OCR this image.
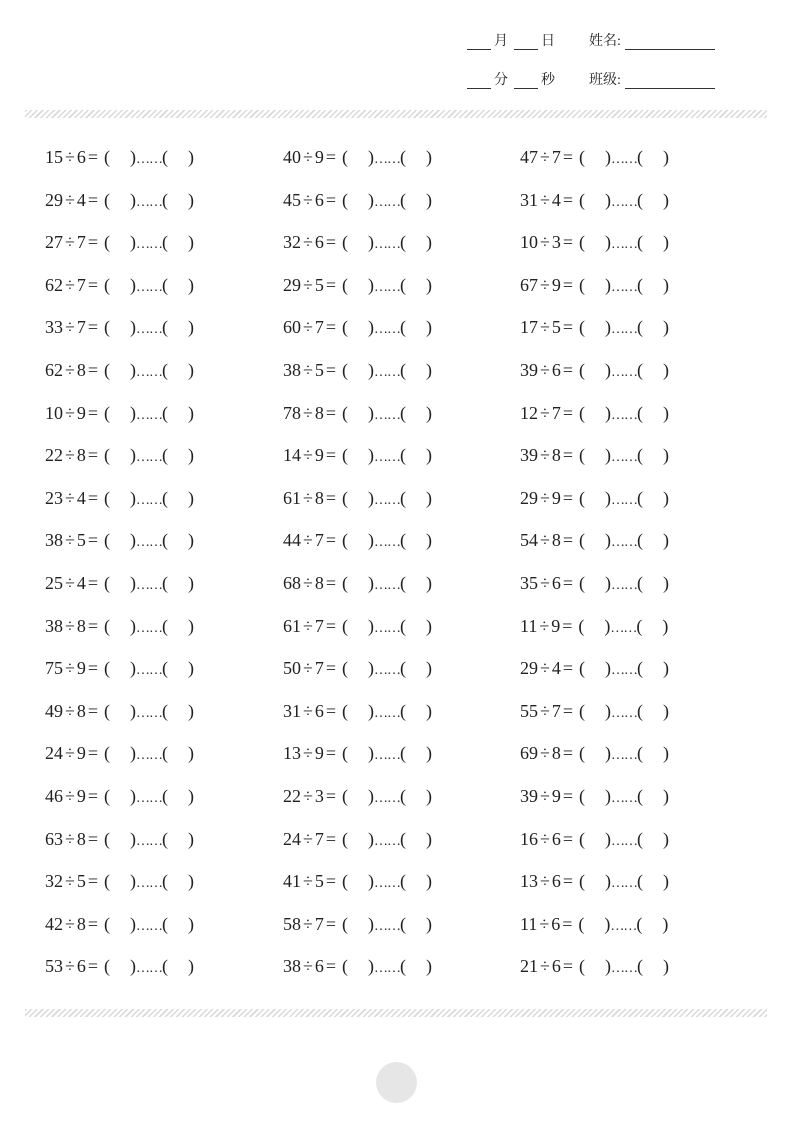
月 日 姓名:
分 秒 班级:
15 ÷ 6 = ( )……( )
29 ÷ 4 = ( )……( )
27 ÷ 7 = ( )……( )
62 ÷ 7 = ( )……( )
33 ÷ 7 = ( )……( )
62 ÷ 8 = ( )……( )
10 ÷ 9 = ( )……( )
22 ÷ 8 = ( )……( )
23 ÷ 4 = ( )……( )
38 ÷ 5 = ( )……( )
25 ÷ 4 = ( )……( )
38 ÷ 8 = ( )……( )
75 ÷ 9 = ( )……( )
49 ÷ 8 = ( )……( )
24 ÷ 9 = ( )……( )
46 ÷ 9 = ( )……( )
63 ÷ 8 = ( )……( )
32 ÷ 5 = ( )……( )
42 ÷ 8 = ( )……( )
53 ÷ 6 = ( )……( )
40 ÷ 9 = ( )……( )
45 ÷ 6 = ( )……( )
32 ÷ 6 = ( )……( )
29 ÷ 5 = ( )……( )
60 ÷ 7 = ( )……( )
38 ÷ 5 = ( )……( )
78 ÷ 8 = ( )……( )
14 ÷ 9 = ( )……( )
61 ÷ 8 = ( )……( )
44 ÷ 7 = ( )……( )
68 ÷ 8 = ( )……( )
61 ÷ 7 = ( )……( )
50 ÷ 7 = ( )……( )
31 ÷ 6 = ( )……( )
13 ÷ 9 = ( )……( )
22 ÷ 3 = ( )……( )
24 ÷ 7 = ( )……( )
41 ÷ 5 = ( )……( )
58 ÷ 7 = ( )……( )
38 ÷ 6 = ( )……( )
47 ÷ 7 = ( )……( )
31 ÷ 4 = ( )……( )
10 ÷ 3 = ( )……( )
67 ÷ 9 = ( )……( )
17 ÷ 5 = ( )……( )
39 ÷ 6 = ( )……( )
12 ÷ 7 = ( )……( )
39 ÷ 8 = ( )……( )
29 ÷ 9 = ( )……( )
54 ÷ 8 = ( )……( )
35 ÷ 6 = ( )……( )
11 ÷ 9 = ( )……( )
29 ÷ 4 = ( )……( )
55 ÷ 7 = ( )……( )
69 ÷ 8 = ( )……( )
39 ÷ 9 = ( )……( )
16 ÷ 6 = ( )……( )
13 ÷ 6 = ( )……( )
11 ÷ 6 = ( )……( )
21 ÷ 6 = ( )……( )
